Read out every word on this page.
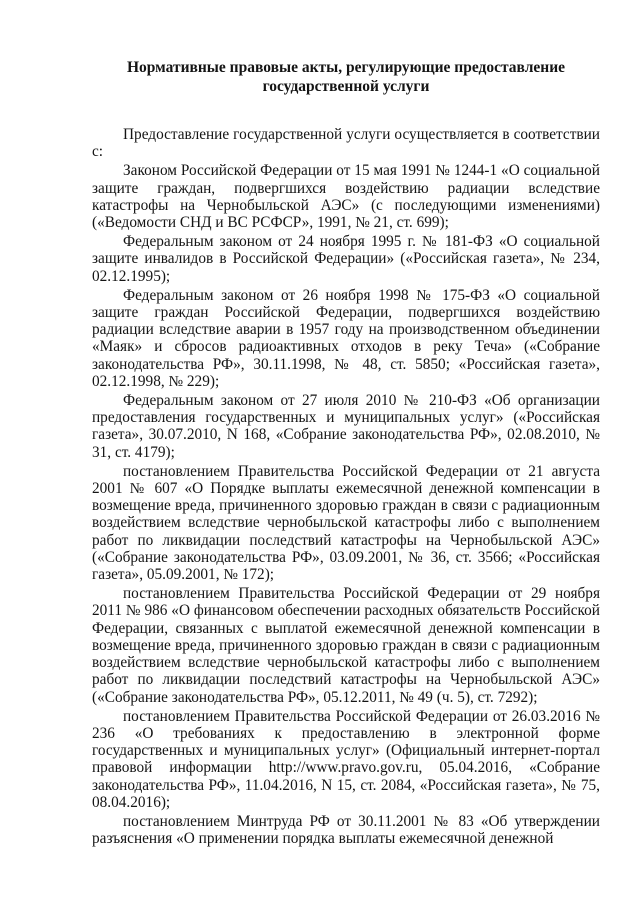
Нормативные правовые акты, регулирующие предоставление
государственной услуги

Предоставление государственной услуги осуществляется в соответствии с:

Законом Российской Федерации от 15 мая 1991 № 1244-1 «О социальной защите граждан, подвергшихся воздействию радиации вследствие катастрофы на Чернобыльской АЭС» (с последующими изменениями) («Ведомости СНД и ВС РСФСР», 1991, № 21, ст. 699);

Федеральным законом от 24 ноября 1995 г. № 181-ФЗ «О социальной защите инвалидов в Российской Федерации» («Российская газета», № 234, 02.12.1995);

Федеральным законом от 26 ноября 1998 № 175-ФЗ «О социальной защите граждан Российской Федерации, подвергшихся воздействию радиации вследствие аварии в 1957 году на производственном объединении «Маяк» и сбросов радиоактивных отходов в реку Теча» («Собрание законодательства РФ», 30.11.1998, № 48, ст. 5850; «Российская газета», 02.12.1998, № 229);

Федеральным законом от 27 июля 2010 № 210-ФЗ «Об организации предоставления государственных и муниципальных услуг» («Российская газета», 30.07.2010, N 168, «Собрание законодательства РФ», 02.08.2010, № 31, ст. 4179);

постановлением Правительства Российской Федерации от 21 августа 2001 № 607 «О Порядке выплаты ежемесячной денежной компенсации в возмещение вреда, причиненного здоровью граждан в связи с радиационным воздействием вследствие чернобыльской катастрофы либо с выполнением работ по ликвидации последствий катастрофы на Чернобыльской АЭС» («Собрание законодательства РФ», 03.09.2001, № 36, ст. 3566; «Российская газета», 05.09.2001, № 172);

постановлением Правительства Российской Федерации от 29 ноября 2011 № 986 «О финансовом обеспечении расходных обязательств Российской Федерации, связанных с выплатой ежемесячной денежной компенсации в возмещение вреда, причиненного здоровью граждан в связи с радиационным воздействием вследствие чернобыльской катастрофы либо с выполнением работ по ликвидации последствий катастрофы на Чернобыльской АЭС» («Собрание законодательства РФ», 05.12.2011, № 49 (ч. 5), ст. 7292);

постановлением Правительства Российской Федерации от 26.03.2016 № 236 «О требованиях к предоставлению в электронной форме государственных и муниципальных услуг» (Официальный интернет-портал правовой информации http://www.pravo.gov.ru, 05.04.2016, «Собрание законодательства РФ», 11.04.2016, N 15, ст. 2084, «Российская газета», № 75, 08.04.2016);

постановлением Минтруда РФ от 30.11.2001 № 83 «Об утверждении разъяснения «О применении порядка выплаты ежемесячной денежной
